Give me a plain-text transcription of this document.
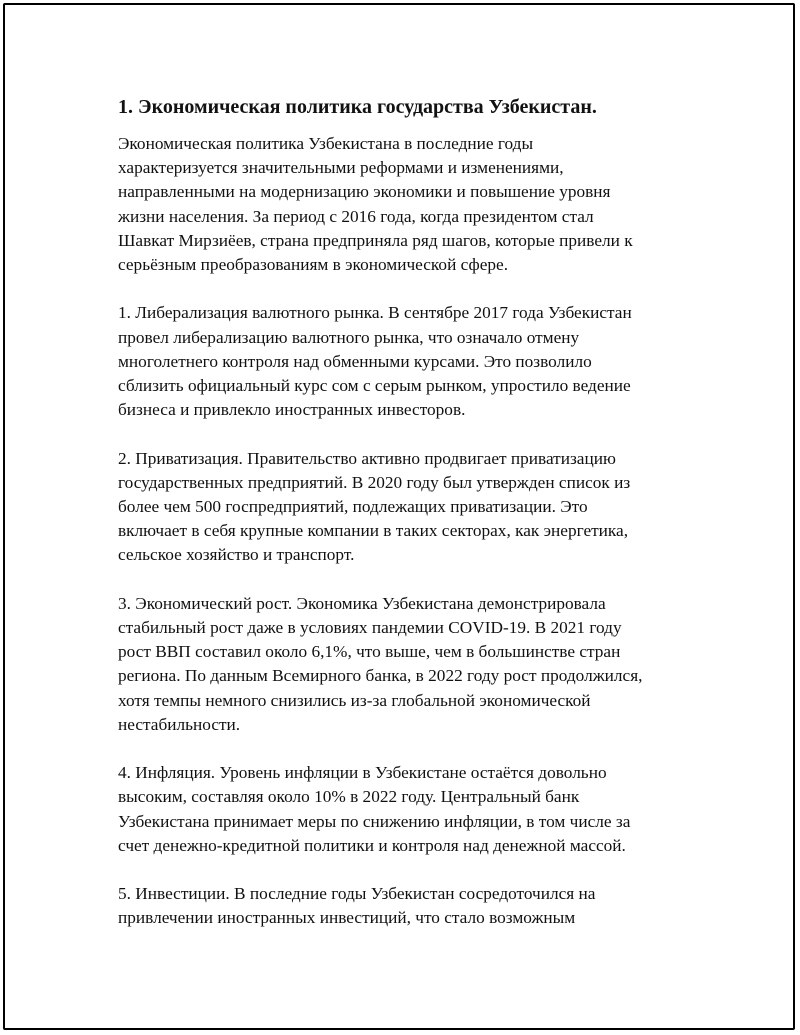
1. Экономическая политика государства Узбекистан.

Экономическая политика Узбекистана в последние годы
характеризуется значительными реформами и изменениями,
направленными на модернизацию экономики и повышение уровня
жизни населения. За период с 2016 года, когда президентом стал
Шавкат Мирзиёев, страна предприняла ряд шагов, которые привели к
серьёзным преобразованиям в экономической сфере.

1. Либерализация валютного рынка. В сентябре 2017 года Узбекистан
провел либерализацию валютного рынка, что означало отмену
многолетнего контроля над обменными курсами. Это позволило
сблизить официальный курс сом с серым рынком, упростило ведение
бизнеса и привлекло иностранных инвесторов.

2. Приватизация. Правительство активно продвигает приватизацию
государственных предприятий. В 2020 году был утвержден список из
более чем 500 госпредприятий, подлежащих приватизации. Это
включает в себя крупные компании в таких секторах, как энергетика,
сельское хозяйство и транспорт.

3. Экономический рост. Экономика Узбекистана демонстрировала
стабильный рост даже в условиях пандемии COVID-19. В 2021 году
рост ВВП составил около 6,1%, что выше, чем в большинстве стран
региона. По данным Всемирного банка, в 2022 году рост продолжился,
хотя темпы немного снизились из-за глобальной экономической
нестабильности.

4. Инфляция. Уровень инфляции в Узбекистане остаётся довольно
высоким, составляя около 10% в 2022 году. Центральный банк
Узбекистана принимает меры по снижению инфляции, в том числе за
счет денежно-кредитной политики и контроля над денежной массой.

5. Инвестиции. В последние годы Узбекистан сосредоточился на
привлечении иностранных инвестиций, что стало возможным
